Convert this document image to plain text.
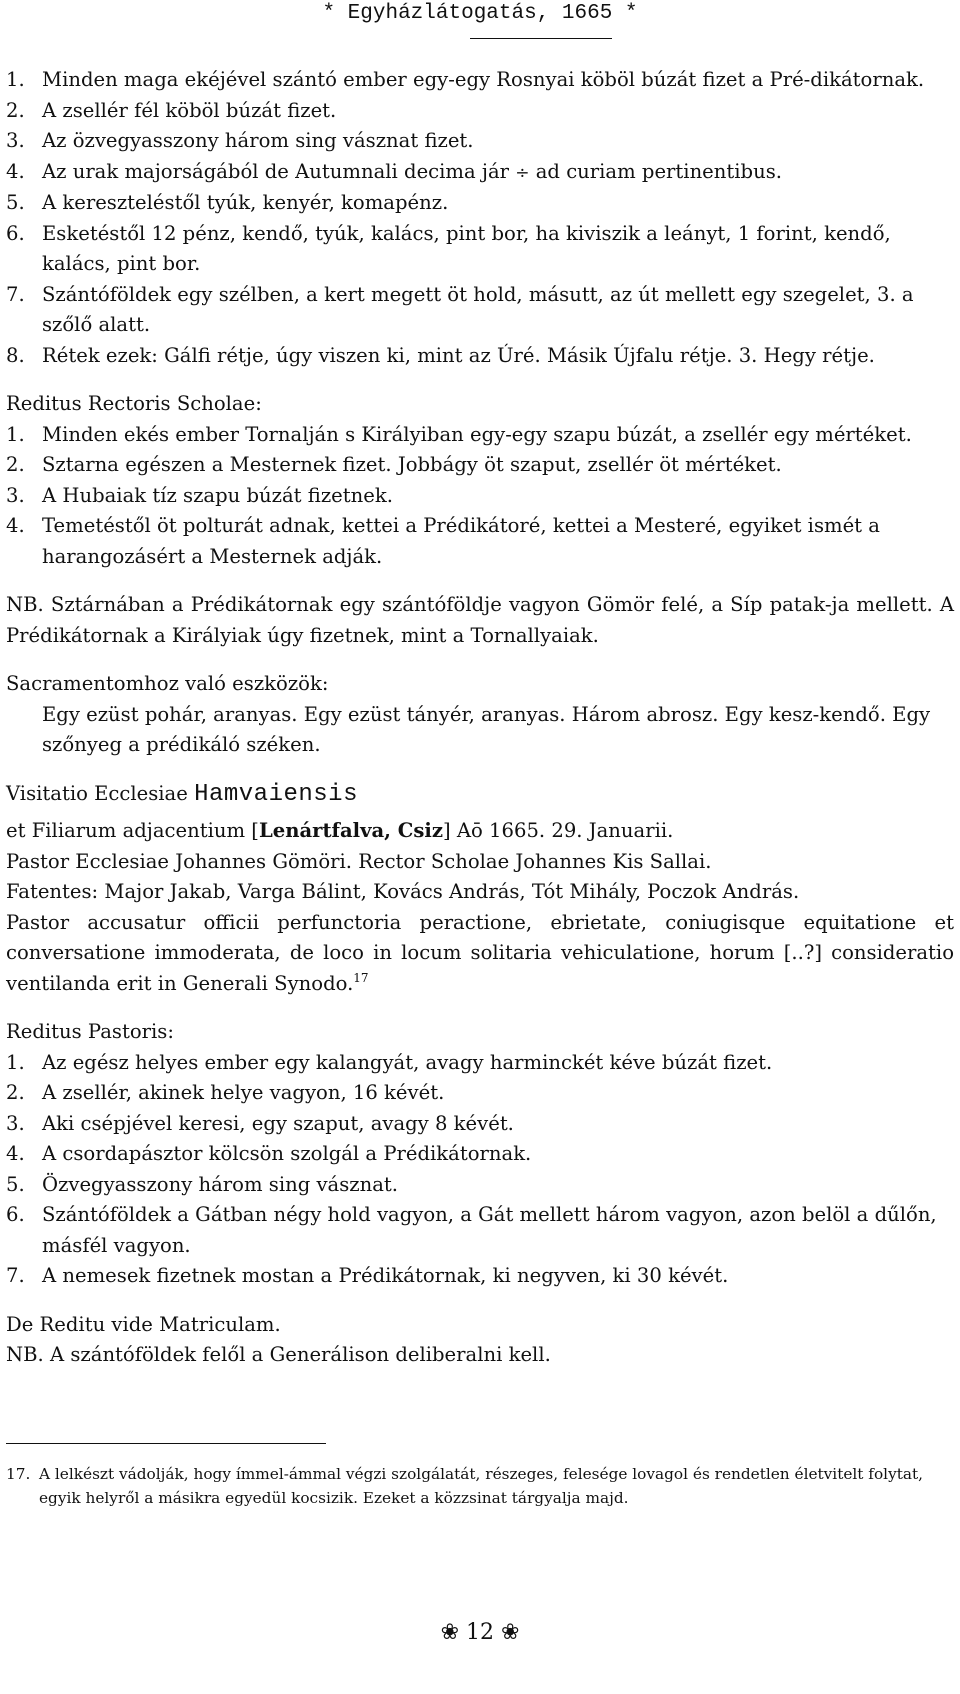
* Egyházlátogatás, 1665 *
1. Minden maga ekéjével szántó ember egy-egy Rosnyai köböl búzát fizet a Pré-dikátornak.
2. A zsellér fél köböl búzát fizet.
3. Az özvegyasszony három sing vásznat fizet.
4. Az urak majorságából de Autumnali decima jár ÷ ad curiam pertinentibus.
5. A kereszteléstől tyúk, kenyér, komapénz.
6. Esketéstől 12 pénz, kendő, tyúk, kalács, pint bor, ha kiviszik a leányt, 1 forint, kendő, kalács, pint bor.
7. Szántóföldek egy szélben, a kert megett öt hold, másutt, az út mellett egy szegelet, 3. a szőlő alatt.
8. Rétek ezek: Gálfi rétje, úgy viszen ki, mint az Úré. Másik Újfalu rétje. 3. Hegy rétje.
Reditus Rectoris Scholae:
1. Minden ekés ember Tornalján s Királyiban egy-egy szapu búzát, a zsellér egy mértéket.
2. Sztarna egészen a Mesternek fizet. Jobbágy öt szaput, zsellér öt mértéket.
3. A Hubaiak tíz szapu búzát fizetnek.
4. Temetéstől öt polturát adnak, kettei a Prédikátoré, kettei a Mesteré, egyiket ismét a harangozásért a Mesternek adják.
NB. Sztárnában a Prédikátornak egy szántóföldje vagyon Gömör felé, a Síp patak-ja mellett. A Prédikátornak a Királyiak úgy fizetnek, mint a Tornallyaiak.
Sacramentomhoz való eszközök:
Egy ezüst pohár, aranyas. Egy ezüst tányér, aranyas. Három abrosz. Egy kesz-kendő. Egy szőnyeg a prédikáló széken.
Visitatio Ecclesiae Hamvaiensis
et Filiarum adjacentium [Lenártfalva, Csiz] Aō 1665. 29. Januarii.
Pastor Ecclesiae Johannes Gömöri. Rector Scholae Johannes Kis Sallai.
Fatentes: Major Jakab, Varga Bálint, Kovács András, Tót Mihály, Poczok András.
Pastor accusatur officii perfunctoria peractione, ebrietate, coniugisque equitatione et conversatione immoderata, de loco in locum solitaria vehiculatione, horum [..?] consideratio ventilanda erit in Generali Synodo.$^{17}$
Reditus Pastoris:
1. Az egész helyes ember egy kalangyát, avagy harminckét kéve búzát fizet.
2. A zsellér, akinek helye vagyon, 16 kévét.
3. Aki csépjével keresi, egy szaput, avagy 8 kévét.
4. A csordapásztor kölcsön szolgál a Prédikátornak.
5. Özvegyasszony három sing vásznat.
6. Szántóföldek a Gátban négy hold vagyon, a Gát mellett három vagyon, azon belöl a dűlőn, másfél vagyon.
7. A nemesek fizetnek mostan a Prédikátornak, ki negyven, ki 30 kévét.
De Reditu vide Matriculam.
NB. A szántóföldek felől a Generálison deliberalni kell.
17. A lelkészt vádolják, hogy ímmel-ámmal végzi szolgálatát, részeges, felesége lovagol és rendetlen életvitelt folytat, egyik helyről a másikra egyedül kocsizik. Ezeket a közzsinat tárgyalja majd.
❀ 12 ❀
